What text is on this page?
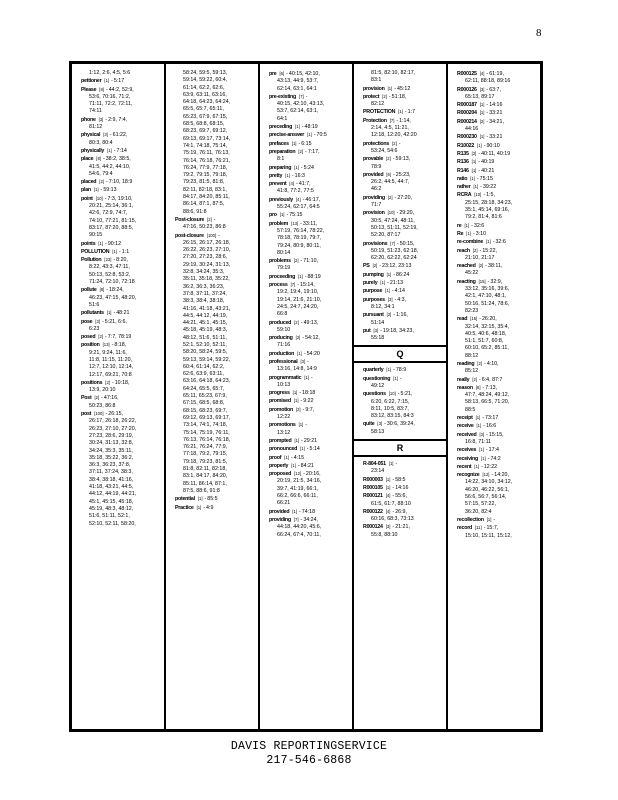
8
1:12, 2:6, 4:5, 5:6
pettioner [1] -5:17
Please [8] -44:2, 52:9,
53:6, 70:16, 71:2,
71:11, 72:2, 72:11,
74:11
phone [3] -2:9, 7:4,
81:12
physical [3] -61:22,
80:3, 80:4
physically [1] -7:14
place [8] -38:2, 38:5,
41:5, 44:2, 44:10,
54:6, 79:4
placed [2] -7:10, 18:9
plan [1] -59:13
point [10] -7:3, 19:10,
20:21, 25:14, 36:1,
42:6, 72:9, 74:7,
74:10, 77:21, 81:15,
83:17, 87:20, 88:5,
90:15
points [1] -90:12
POLLUTION [1] -1:1
Pollution [23] -8:20,
8:22, 43:3, 47:11,
50:13, 52:8, 53:2,
71:24, 72:10, 72:18
pollute [8] -18:24,
46:23, 47:15, 48:20,
51:6
pollutants [1] -48:21
pose [3] -5:21, 6:6,
6:23
posed [2] -7:7, 78:19
position [13] -8:18,
9:21, 9:24, 11:6,
11:8, 11:15, 11:20,
12:7, 12:10, 12:14,
12:17, 69:21, 70:8
positions [2] -10:18,
13:9, 20:10
Post [2] -47:16,
50:23, 86:8
post [100] -26:15,
26:17, 26:18, 26:22,
26:23, 27:10, 27:20,
27:23, 28:6, 29:19,
30:24, 31:13, 32:8,
34:24, 35:3, 35:11,
35:18, 35:22, 36:2,
36:3, 36:23, 37:8,
37:11, 37:24, 38:3,
38:4, 38:18, 41:16,
41:18, 43:21, 44:5,
44:12, 44:19, 44:21,
45:1, 45:15, 45:18,
45:19, 48:3, 48:12,
51:6, 51:11, 52:1,
52:10, 52:11, 58:20,
58:24, 59:5, 59:13,
59:14, 59:22, 60:4,
61:14, 62:2, 62:6,
63:9, 63:11, 63:16,
64:18, 64:23, 64:24,
65:5, 65:7, 65:11,
65:23, 67:9, 67:15,
68:5, 68:8, 68:15,
68:23, 69:7, 69:12,
69:13, 69:17, 73:14,
74:1, 74:18, 75:14,
75:19, 76:11, 76:13,
76:14, 76:18, 76:21,
76:24, 77:9, 77:18,
79:2, 79:15, 79:18,
79:23, 81:5, 81:8,
82:11, 82:18, 83:1,
84:17, 84:20, 85:11,
86:14, 87:1, 87:5,
88:6, 91:8
Post-closure [2] -
47:16, 50:23, 86:8
post-closure [100] -
26:15, 26:17, 26:18,
26:22, 26:23, 27:10,
27:20, 27:23, 28:6,
29:19, 30:24, 31:13,
32:8, 34:24, 35:3,
35:11, 35:18, 35:22,
36:2, 36:3, 36:23,
37:8, 37:11, 37:24,
38:3, 38:4, 38:18,
41:16, 41:18, 43:21,
44:5, 44:12, 44:19,
44:21, 45:1, 45:15,
45:18, 45:19, 48:3,
48:12, 51:6, 51:11,
52:1, 52:10, 52:11,
58:20, 58:24, 59:5,
59:13, 59:14, 59:22,
60:4, 61:14, 62:2,
62:6, 63:9, 63:11,
63:16, 64:18, 64:23,
64:24, 65:5, 65:7,
65:11, 65:23, 67:9,
67:15, 68:5, 68:8,
68:15, 68:23, 69:7,
69:12, 69:13, 69:17,
73:14, 74:1, 74:18,
75:14, 75:19, 76:11,
76:13, 76:14, 76:18,
76:21, 76:24, 77:9,
77:18, 79:2, 79:15,
79:18, 79:23, 81:5,
81:8, 82:11, 82:18,
83:1, 84:17, 84:20,
85:11, 86:14, 87:1,
87:5, 88:6, 91:8
potential [1] -85:5
Practice [1] -4:9
pre [6] -40:15, 42:10,
43:13, 44:9, 53:7,
62:14, 63:1, 64:1
pre-existing [7] -
40:15, 42:10, 43:13,
53:7, 62:14, 63:1,
64:1
preceding [1] -48:19
precise-answer [1] -70:5
prefaces [1] -6:15
preparation [2] -7:17,
8:1
preparing [1] -5:24
pretty [1] -16:3
prevent [4] -41:7,
41:8, 77:2, 77:5
previously [4] -46:17,
55:24, 62:17, 64:5
pro [1] -75:15
problem [13] -33:11,
57:19, 76:14, 78:22,
78:18, 78:19, 79:7,
79:24, 80:9, 80:11,
80:14
problems [2] -71:10,
79:19
proceeding [1] -88:19
process [7] -15:14,
19:2, 19:4, 19:10,
19:14, 21:6, 21:10,
24:5, 24:7, 24:20,
66:8
produced [2] -49:13,
59:10
producing [2] -54:12,
71:16
production [1] -54:20
professional [3] -
13:16, 14:8, 14:9
programmatic [1] -
10:13
progress [1] -18:18
promised [1] -9:22
promotion [2] -9:7,
12:22
promotions [1] -
13:12
prompted [1] -29:21
pronounced [1] -5:14
proof [1] -4:15
properly [1] -84:21
proposed [12] -20:16,
20:19, 21:5, 34:16,
39:7, 41:19, 66:1,
66:2, 66:6, 66:11,
66:21
provided [1] -74:18
providing [7] -34:24,
44:18, 44:20, 45:6,
66:24, 67:4, 70:11,
81:5, 82:10, 82:17,
83:1
provision [1] -45:12
protect [2] -51:18,
82:12
PROTECTION [1] -1:7
Protection [7] -1:14,
2:14, 4:5, 11:21,
12:18, 12:20, 42:20
protections [2] -
53:24, 54:6
provable [2] -59:13,
78:9
provided [6] -25:23,
26:2, 44:5, 44:7,
46:2
providing [2] -27:20,
71:7
provision [10] -29:20,
30:5, 47:24, 48:11,
50:13, 51:11, 52:19,
52:20, 87:17
provisions [7] -50:15,
50:19, 51:23, 62:18,
62:20, 62:22, 62:24
PS [2] -23:12, 23:13
pumping [1] -86:24
purely [1] -21:13
purpose [1] -4:14
purposes [3] -4:3,
8:12, 34:1
pursuant [2] -1:16,
51:14
put [3] -19:18, 34:23,
55:18
Q
quarterly [1] -78:9
questioning [1] -
49:12
questions [10] -5:21,
6:20, 6:22, 7:15,
8:11, 10:5, 83:7,
83:12, 83:15, 84:3
quite [3] -30:6, 39:24,
58:13
R
R-804-051 [1] -
23:14
R000003 [1] -58:5
R000105 [1] -14:16
R000121 [4] -55:6,
61:5, 61:7, 88:10
R000122 [4] -26:9,
60:16, 68:3, 73:13
R000124 [3] -21:21,
55:8, 88:10
R000125 [4] -61:19,
62:11, 88:18, 89:16
R000126 [3] -63:7,
65:13, 89:17
R000187 [1] -14:16
R000204 [1] -33:21
R000214 [2] -34:21,
44:16
R000230 [1] -33:21
R10022 [1] -90:10
R135 [2] -40:11, 40:19
R136 [1] -40:19
R146 [1] -40:21
ratio [1] -75:15
rather [1] -39:22
RCRA [10] -1:5,
25:15, 28:18, 34:23,
35:1, 45:14, 69:16,
79:2, 81:4, 81:6
re [1] -32:6
Re [1] -3:10
re-combine [1] -32:6
reach [2] -15:22,
21:10, 21:17
reached [2] -38:11,
45:22
reacting [15] -32:9,
33:12, 35:16, 39:6,
42:1, 47:10, 48:1,
50:16, 51:24, 78:6,
82:23
read [15] -26:20,
32:14, 32:15, 35:4,
40:5, 40:6, 48:18,
51:1, 51:7, 60:8,
60:10, 65:2, 85:11,
88:12
reading [2] -4:10,
85:12
really [2] -6:4, 87:7
reason [6] -7:13,
47:7, 48:24, 49:12,
58:13, 66:5, 71:20,
88:5
receipt [1] -73:17
receive [1] -16:6
received [3] -15:15,
16:8, 71:11
receives [1] -17:4
receiving [1] -74:2
recent [1] -12:22
recognize [12] -14:20,
14:22, 34:10, 34:12,
46:20, 46:22, 56:1,
56:6, 56:7, 56:14,
57:15, 57:22,
36:20, 82:4
recollection [1] -
record [11] -15:7,
15:10, 15:11, 15:12,
DAVIS REPORTINGSERVICE
217-546-6868
